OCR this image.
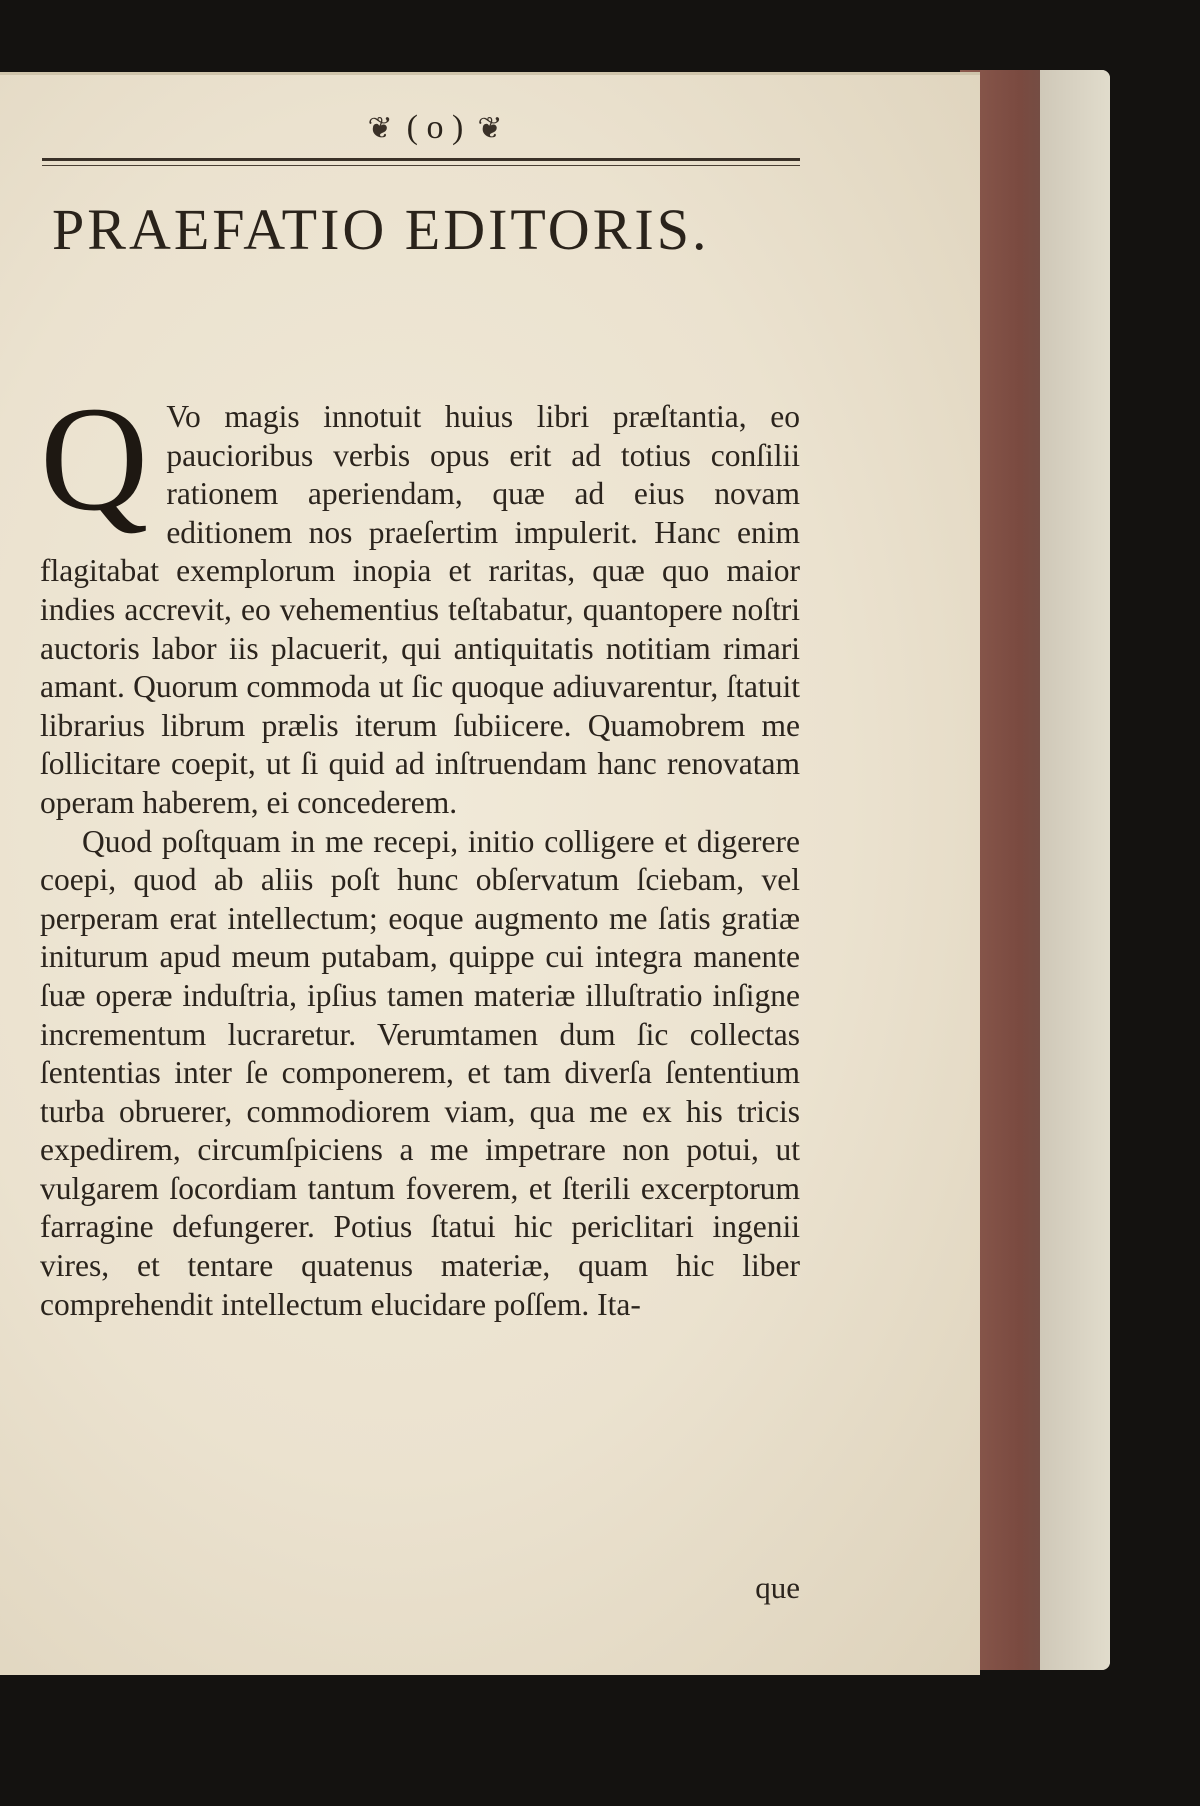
❦ ( o ) ❦
PRAEFATIO EDITORIS.

Q Vo magis innotuit huius libri præſtantia, eo paucioribus verbis opus erit ad totius conſilii rationem aperiendam, quæ ad eius novam editionem nos praeſertim impulerit. Hanc enim flagitabat exemplorum inopia et raritas, quæ quo maior indies accrevit, eo vehementius teſtabatur, quantopere noſtri auctoris labor iis placuerit, qui antiquitatis notitiam rimari amant. Quorum commoda ut ſic quoque adiuvarentur, ſtatuit librarius librum prælis iterum ſubiicere. Quamobrem me ſollicitare coepit, ut ſi quid ad inſtruendam hanc renovatam operam haberem, ei concederem.

Quod poſtquam in me recepi, initio colligere et digerere coepi, quod ab aliis poſt hunc obſervatum ſciebam, vel perperam erat intellectum; eoque augmento me ſatis gratiæ initurum apud meum putabam, quippe cui integra manente ſuæ operæ induſtria, ipſius tamen materiæ illuſtratio inſigne incrementum lucraretur. Verumtamen dum ſic collectas ſententias inter ſe componerem, et tam diverſa ſententium turba obruerer, commodiorem viam, qua me ex his tricis expedirem, circumſpiciens a me impetrare non potui, ut vulgarem ſocordiam tantum foverem, et ſterili excerptorum farragine defungerer. Potius ſtatui hic periclitari ingenii vires, et tentare quatenus materiæ, quam hic liber comprehendit intellectum elucidare poſſem. Ita-

que
